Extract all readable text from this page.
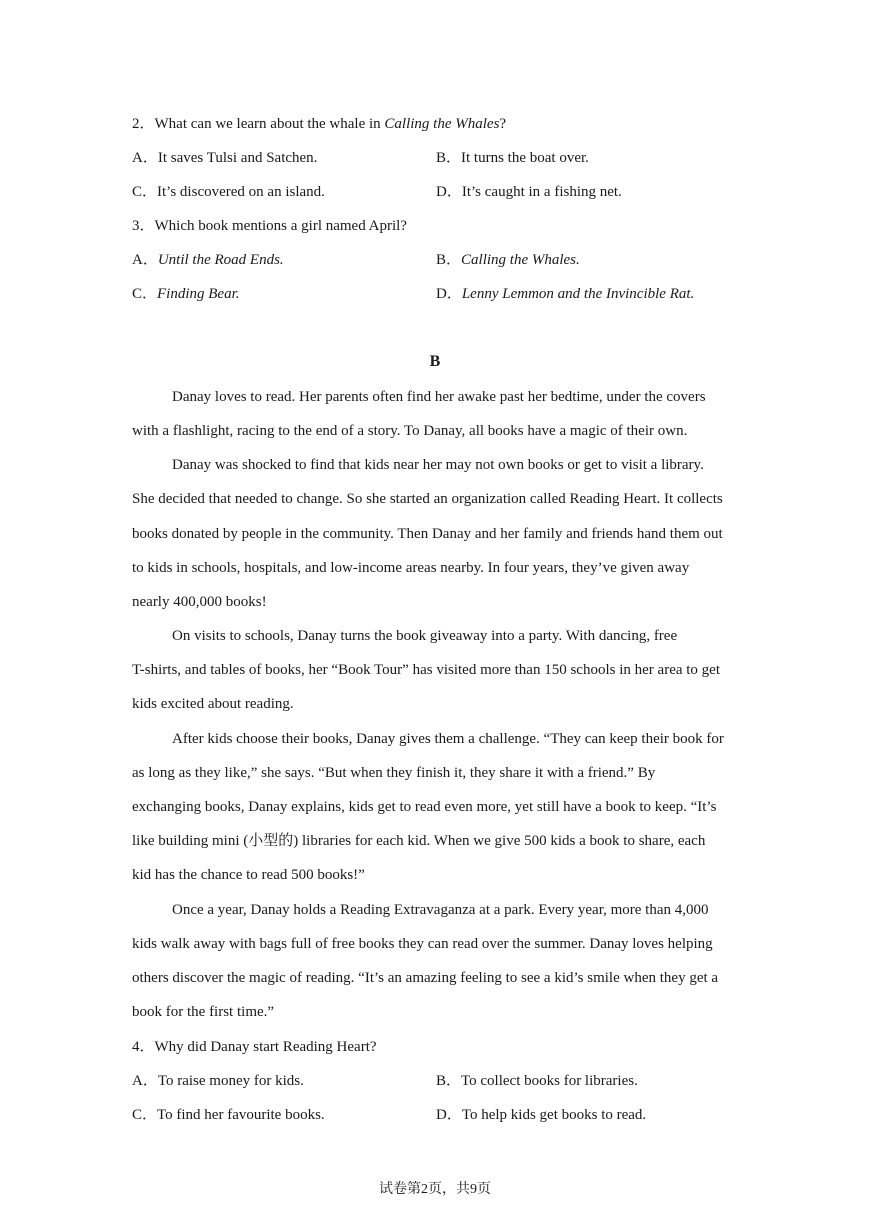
2．What can we learn about the whale in Calling the Whales?
A．It saves Tulsi and Satchen.	B．It turns the boat over.
C．It’s discovered on an island.	D．It’s caught in a fishing net.
3．Which book mentions a girl named April?
A．Until the Road Ends.	B．Calling the Whales.
C．Finding Bear.	D．Lenny Lemmon and the Invincible Rat.
B
Danay loves to read. Her parents often find her awake past her bedtime, under the covers
with a flashlight, racing to the end of a story. To Danay, all books have a magic of their own.
Danay was shocked to find that kids near her may not own books or get to visit a library.
She decided that needed to change. So she started an organization called Reading Heart. It collects
books donated by people in the community. Then Danay and her family and friends hand them out
to kids in schools, hospitals, and low-income areas nearby. In four years, they’ve given away
nearly 400,000 books!
On visits to schools, Danay turns the book giveaway into a party. With dancing, free
T-shirts, and tables of books, her “Book Tour” has visited more than 150 schools in her area to get
kids excited about reading.
After kids choose their books, Danay gives them a challenge. “They can keep their book for
as long as they like,” she says. “But when they finish it, they share it with a friend.” By
exchanging books, Danay explains, kids get to read even more, yet still have a book to keep. “It’s
like building mini (小型的) libraries for each kid. When we give 500 kids a book to share, each
kid has the chance to read 500 books!”
Once a year, Danay holds a Reading Extravaganza at a park. Every year, more than 4,000
kids walk away with bags full of free books they can read over the summer. Danay loves helping
others discover the magic of reading. “It’s an amazing feeling to see a kid’s smile when they get a
book for the first time.”
4．Why did Danay start Reading Heart?
A．To raise money for kids.	B．To collect books for libraries.
C．To find her favourite books.	D．To help kids get books to read.
试卷第2页，共9页
